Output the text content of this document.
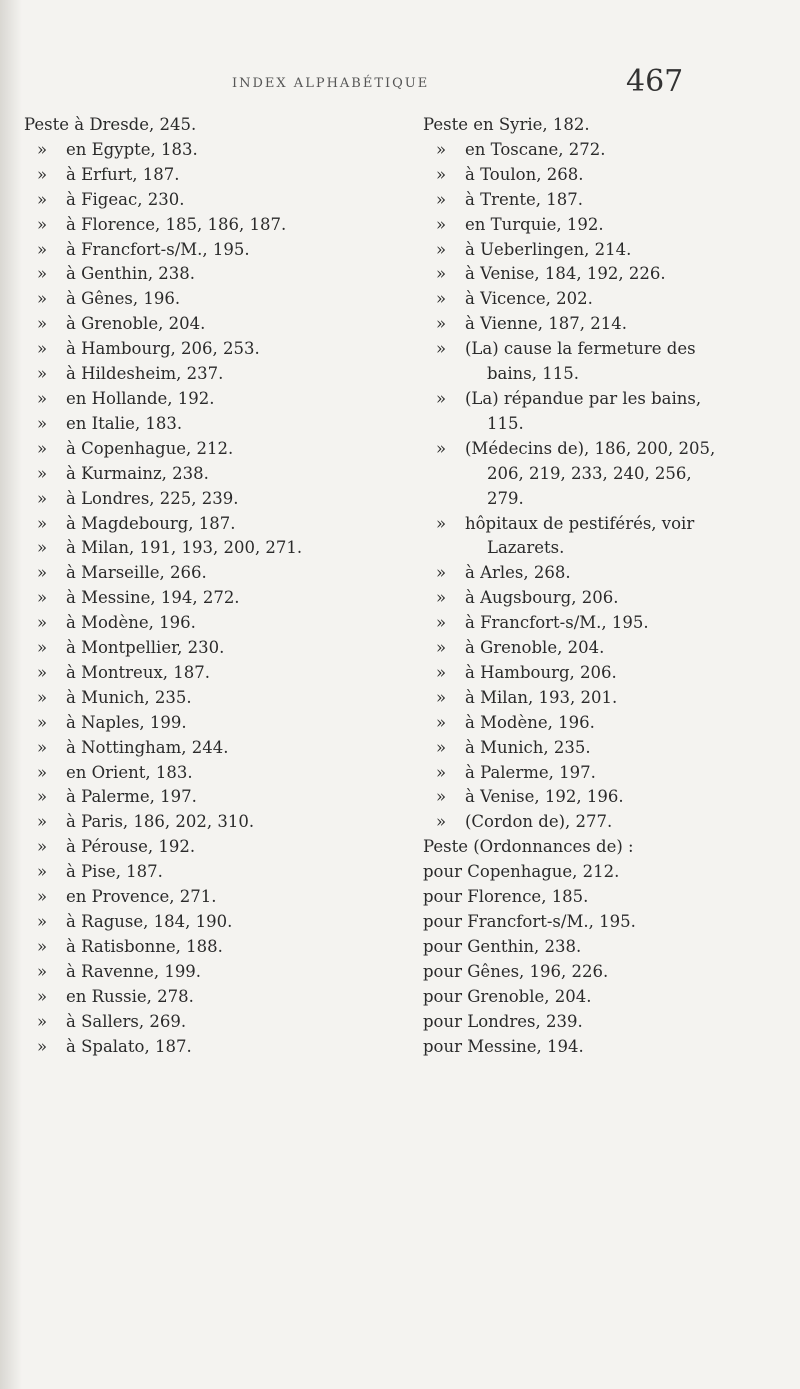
INDEX ALPHABÉTIQUE	467
Peste à Dresde, 245.
» en Egypte, 183.
» à Erfurt, 187.
» à Figeac, 230.
» à Florence, 185, 186, 187.
» à Francfort-s/M., 195.
» à Genthin, 238.
» à Gênes, 196.
» à Grenoble, 204.
» à Hambourg, 206, 253.
» à Hildesheim, 237.
» en Hollande, 192.
» en Italie, 183.
» à Copenhague, 212.
» à Kurmainz, 238.
» à Londres, 225, 239.
» à Magdebourg, 187.
» à Milan, 191, 193, 200, 271.
» à Marseille, 266.
» à Messine, 194, 272.
» à Modène, 196.
» à Montpellier, 230.
» à Montreux, 187.
» à Munich, 235.
» à Naples, 199.
» à Nottingham, 244.
» en Orient, 183.
» à Palerme, 197.
» à Paris, 186, 202, 310.
» à Pérouse, 192.
» à Pise, 187.
» en Provence, 271.
» à Raguse, 184, 190.
» à Ratisbonne, 188.
» à Ravenne, 199.
» en Russie, 278.
» à Sallers, 269.
» à Spalato, 187.
Peste en Syrie, 182.
» en Toscane, 272.
» à Toulon, 268.
» à Trente, 187.
» en Turquie, 192.
» à Ueberlingen, 214.
» à Venise, 184, 192, 226.
» à Vicence, 202.
» à Vienne, 187, 214.
» (La) cause la fermeture des
bains, 115.
» (La) répandue par les bains,
115.
» (Médecins de), 186, 200, 205,
206, 219, 233, 240, 256,
279.
» hôpitaux de pestiférés, voir
Lazarets.
» à Arles, 268.
» à Augsbourg, 206.
» à Francfort-s/M., 195.
» à Grenoble, 204.
» à Hambourg, 206.
» à Milan, 193, 201.
» à Modène, 196.
» à Munich, 235.
» à Palerme, 197.
» à Venise, 192, 196.
» (Cordon de), 277.
Peste (Ordonnances de) :
pour Copenhague, 212.
pour Florence, 185.
pour Francfort-s/M., 195.
pour Genthin, 238.
pour Gênes, 196, 226.
pour Grenoble, 204.
pour Londres, 239.
pour Messine, 194.
